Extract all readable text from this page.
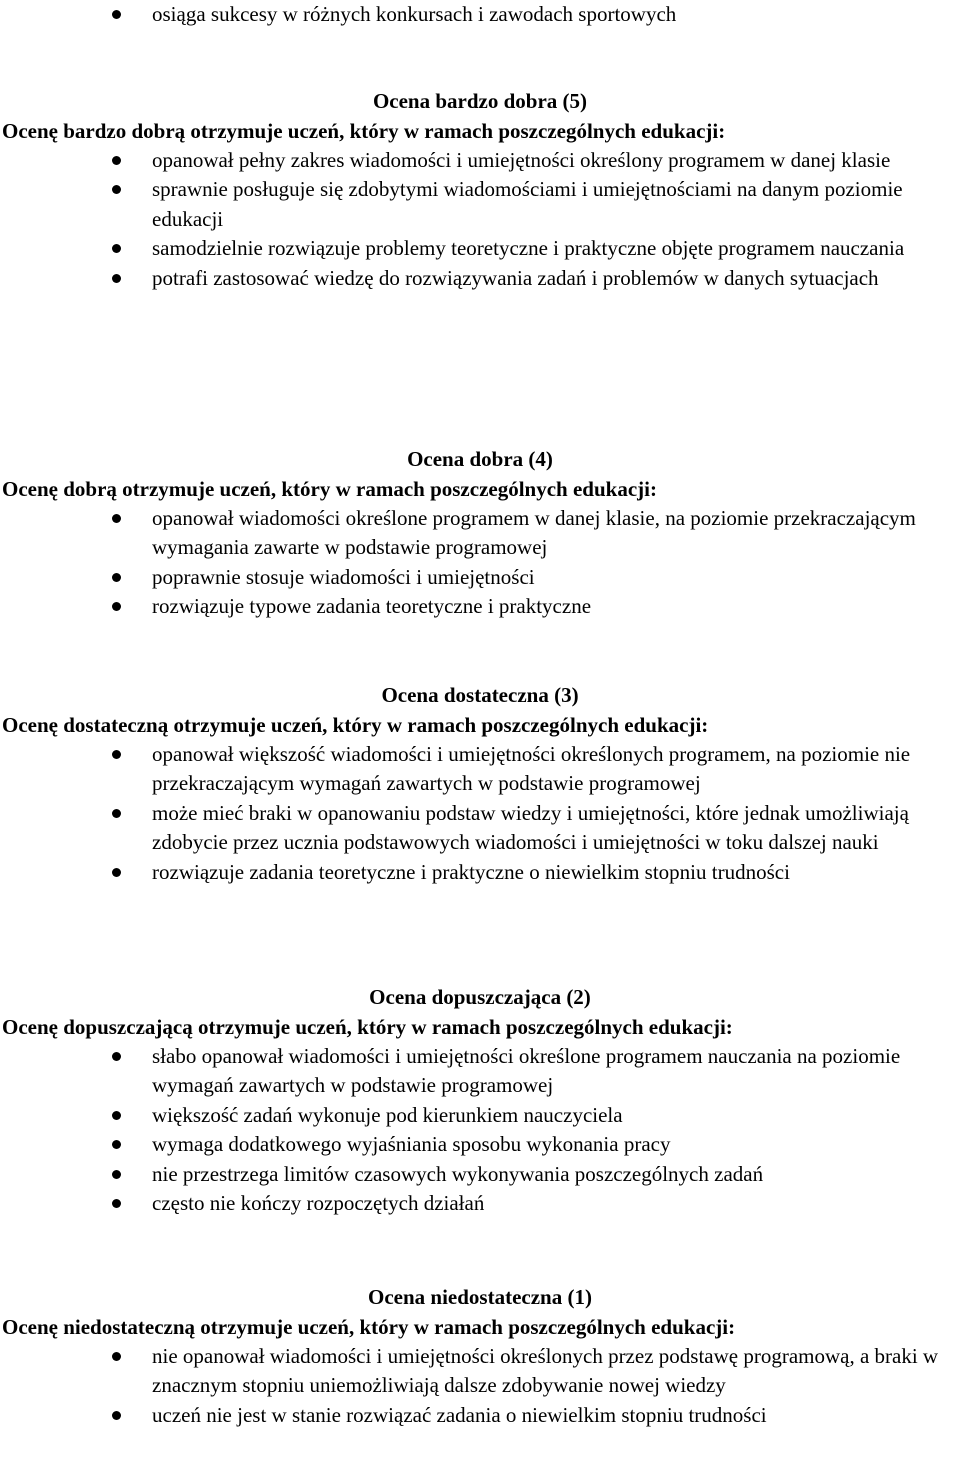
osiąga sukcesy w różnych konkursach i zawodach sportowych
Ocena bardzo dobra (5)
Ocenę bardzo dobrą otrzymuje uczeń, który w ramach poszczególnych edukacji:
opanował pełny zakres wiadomości i umiejętności określony programem w danej klasie
sprawnie posługuje się zdobytymi wiadomościami i umiejętnościami na danym poziomie edukacji
samodzielnie rozwiązuje problemy teoretyczne i praktyczne objęte programem nauczania
potrafi zastosować wiedzę do rozwiązywania zadań i problemów w danych sytuacjach
Ocena dobra (4)
Ocenę dobrą otrzymuje uczeń, który w ramach poszczególnych edukacji:
opanował wiadomości określone programem w danej klasie, na poziomie przekraczającym wymagania zawarte w podstawie programowej
poprawnie stosuje wiadomości i umiejętności
rozwiązuje typowe zadania teoretyczne i praktyczne
Ocena dostateczna (3)
Ocenę dostateczną otrzymuje uczeń, który w ramach poszczególnych edukacji:
opanował większość wiadomości i umiejętności określonych programem, na poziomie nie przekraczającym wymagań zawartych w podstawie programowej
może mieć braki w opanowaniu podstaw wiedzy i umiejętności, które jednak umożliwiają zdobycie przez ucznia podstawowych wiadomości i umiejętności w toku dalszej nauki
rozwiązuje zadania teoretyczne i praktyczne o niewielkim stopniu trudności
Ocena dopuszczająca (2)
Ocenę dopuszczającą otrzymuje uczeń, który w ramach poszczególnych edukacji:
słabo opanował wiadomości i umiejętności określone programem nauczania na poziomie wymagań zawartych w podstawie programowej
większość zadań wykonuje pod kierunkiem nauczyciela
wymaga dodatkowego wyjaśniania sposobu wykonania pracy
nie przestrzega limitów czasowych wykonywania poszczególnych zadań
często nie kończy rozpoczętych działań
Ocena niedostateczna (1)
Ocenę niedostateczną otrzymuje uczeń, który w ramach poszczególnych edukacji:
nie opanował wiadomości i umiejętności określonych przez podstawę programową, a braki w znacznym stopniu uniemożliwiają dalsze zdobywanie nowej wiedzy
uczeń nie jest w stanie rozwiązać zadania o niewielkim stopniu trudności
